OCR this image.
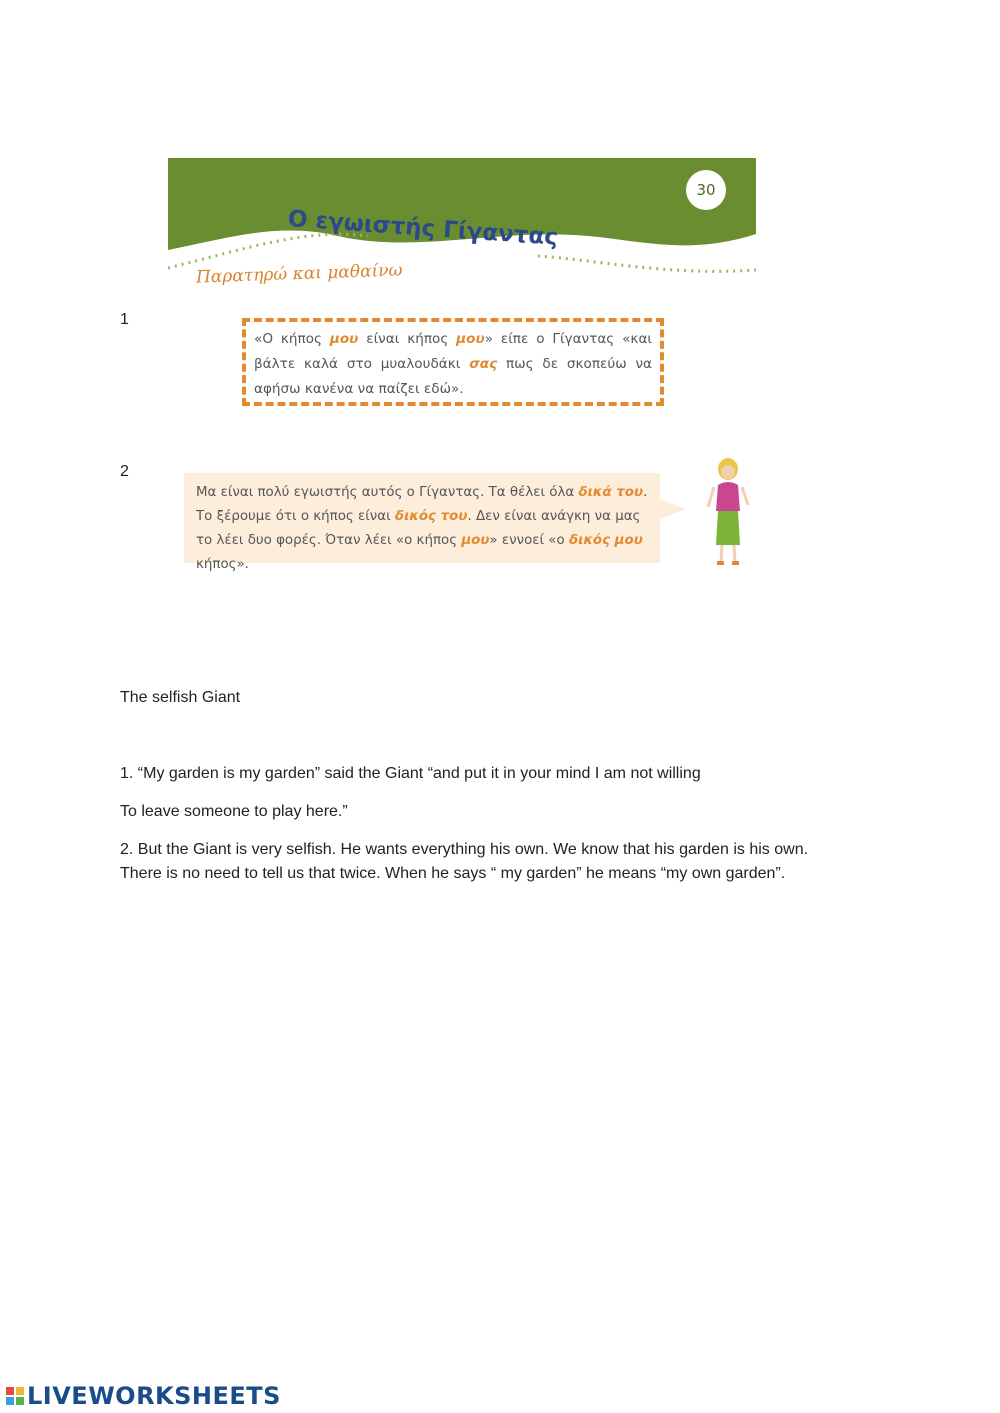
30
Ο εγωιστής Γίγαντας
Παρατηρώ και μαθαίνω
1
«Ο κήπος μου είναι κήπος μου» είπε ο Γίγαντας «και βάλτε καλά στο μυαλουδάκι σας πως δε σκοπεύω να αφήσω κανένα να παίζει εδώ».
2
Μα είναι πολύ εγωιστής αυτός ο Γίγαντας. Τα θέλει όλα δικά του. Το ξέρουμε ότι ο κήπος είναι δικός του. Δεν είναι ανάγκη να μας το λέει δυο φορές. Όταν λέει «ο κήπος μου» εννοεί «ο δικός μου κήπος».
The selfish Giant
1. “My garden is my garden” said the Giant “and put it in your mind I am not willing
To leave someone to play here.”
2. But the Giant is very selfish. He wants everything his own. We know that his garden is his own.
There is no need to tell us that twice. When he says “ my garden” he means “my own garden”.
LIVEWORKSHEETS
